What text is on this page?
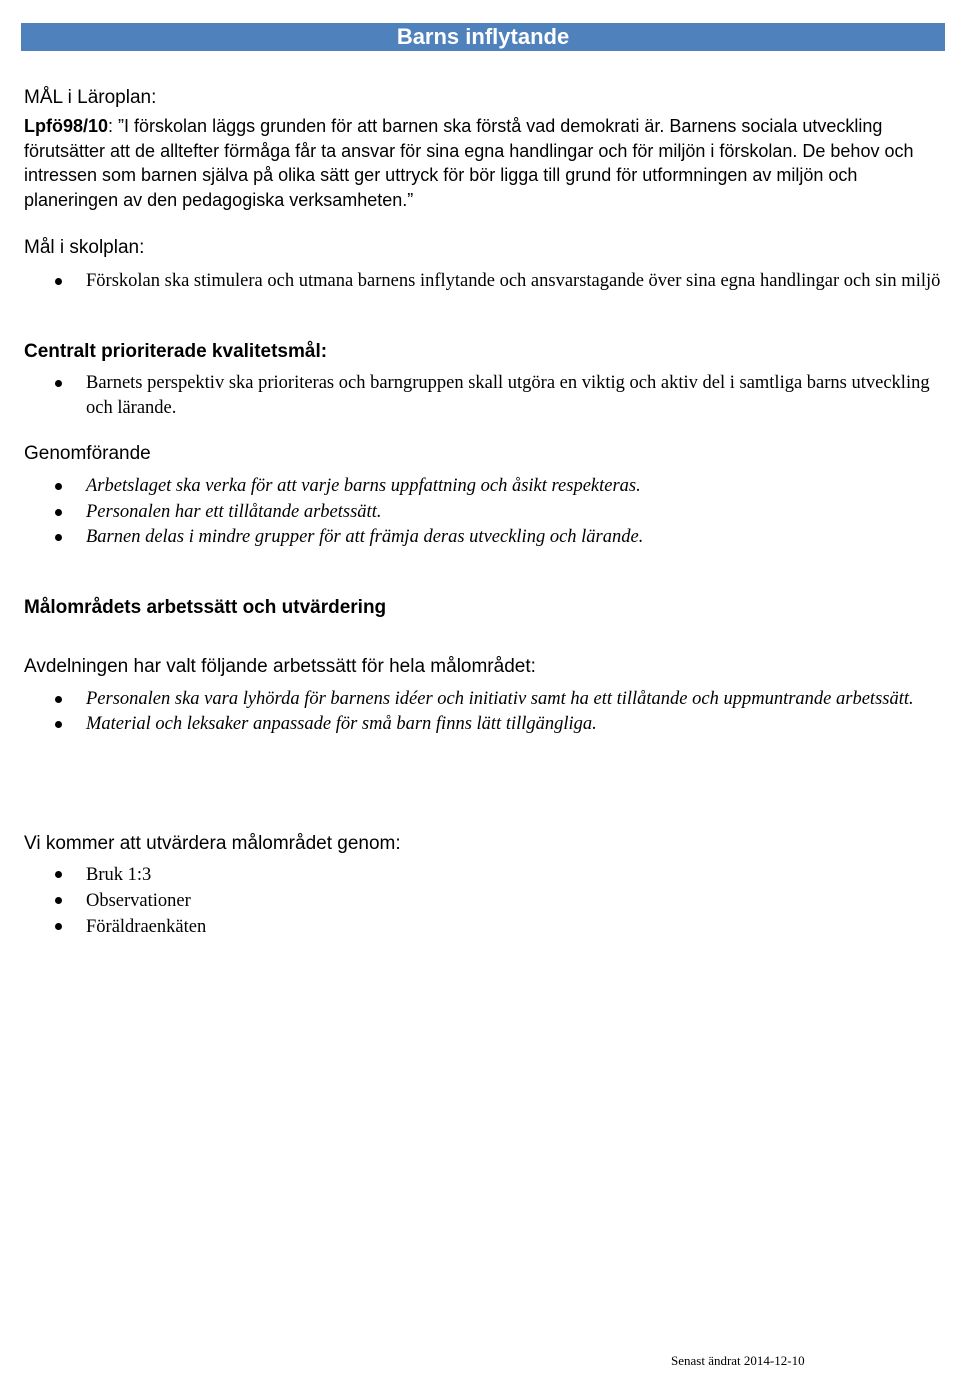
Barns inflytande

MÅL i Läroplan:

Lpfö98/10: ”I förskolan läggs grunden för att barnen ska förstå vad demokrati är. Barnens sociala utveckling förutsätter att de alltefter förmåga får ta ansvar för sina egna handlingar och för miljön i förskolan. De behov och intressen som barnen själva på olika sätt ger uttryck för bör ligga till grund för utformningen av miljön och planeringen av den pedagogiska verksamheten.”

Mål i skolplan:

Förskolan ska stimulera och utmana barnens inflytande och ansvarstagande över sina egna handlingar och sin miljö

Centralt prioriterade kvalitetsmål:

Barnets perspektiv ska prioriteras och barngruppen skall utgöra en viktig och aktiv del i samtliga barns utveckling och lärande.

Genomförande

Arbetslaget ska verka för att varje barns uppfattning och åsikt respekteras.
Personalen har ett tillåtande arbetssätt.
Barnen delas i mindre grupper för att främja deras utveckling och lärande.

Målområdets arbetssätt och utvärdering

Avdelningen har valt följande arbetssätt för hela målområdet:

Personalen ska vara lyhörda för barnens idéer och initiativ samt ha ett tillåtande och uppmuntrande arbetssätt.
Material och leksaker anpassade för små barn finns lätt tillgängliga.

Vi kommer att utvärdera målområdet genom:

Bruk 1:3
Observationer
Föräldraenkäten
Senast ändrat 2014-12-10
